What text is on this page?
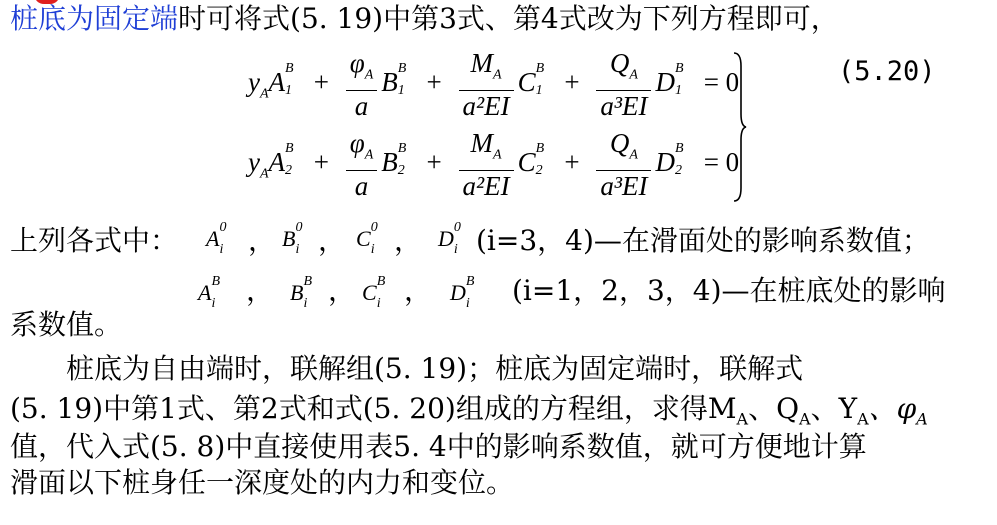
桩底为固定端时可将式(5. 19)中第3式、第4式改为下列方程即可，
(5.20)
$y_AA$ B
$1 + \frac{\varphi_A}{a}$ B B
$1 + \frac{M_A}{\text{a²EI}}$ C B
$1 + \frac{Q_A}{\text{a³EI}}$ D B
1 = 0
$y_AA$ B
$2 + \frac{\varphi_A}{a}$ B B
$2 + \frac{M_A}{\text{a²EI}}$ C B
$2 + \frac{Q_A}{\text{a³EI}}$ D B
2 = 0
上列各式中： A 0
i ， B 0
i ， C 0
i ， D 0
i (i=3，4)—在滑面处的影响系数值；
A B
i ， B B
i ， C B
i ， D B
i (i=1，2，3，4)—在桩底处的影响
系数值。
　　桩底为自由端时，联解组(5. 19)；桩底为固定端时，联解式
(5. 19)中第1式、第2式和式(5. 20)组成的方程组，求得$M_A$、$Q_A$、$Y_A$、$\varphi_A$
值，代入式(5. 8)中直接使用表5. 4中的影响系数值，就可方便地计算
滑面以下桩身任一深度处的内力和变位。
